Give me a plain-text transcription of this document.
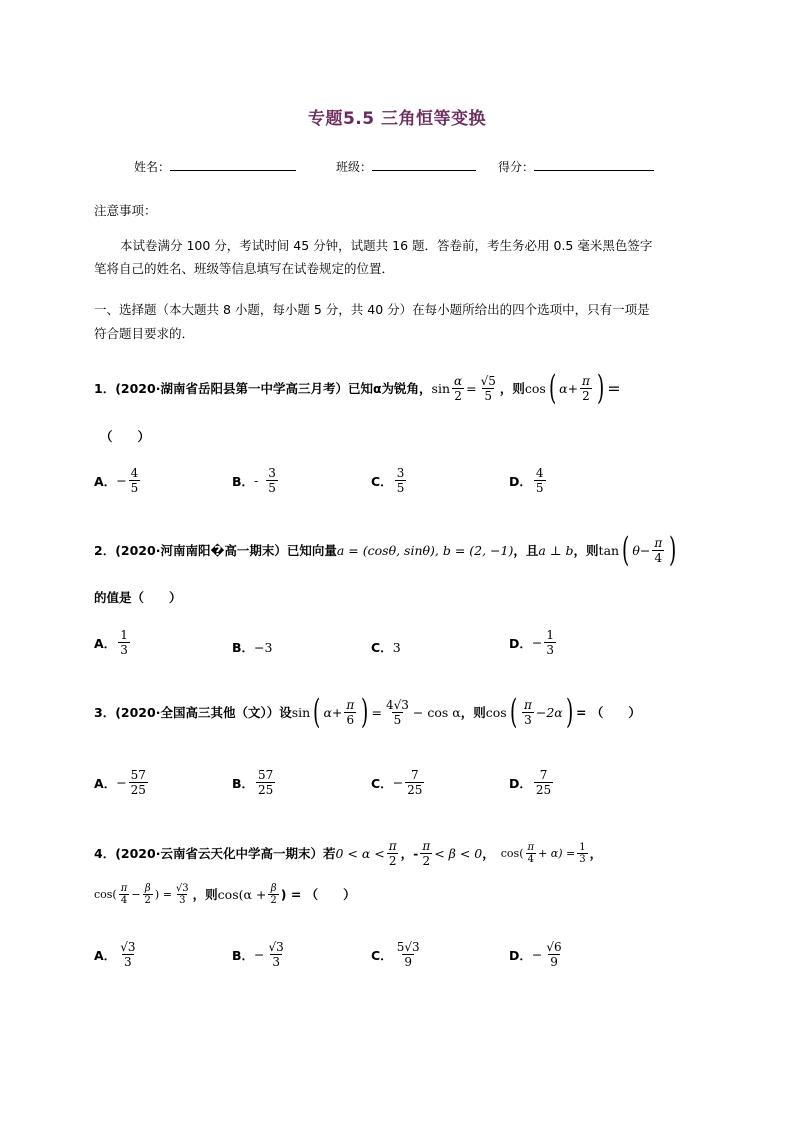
专题5.5 三角恒等变换
姓名：	班级：	得分：
注意事项：
本试卷满分 100 分，考试时间 45 分钟，试题共 16 题．答卷前，考生务必用 0.5 毫米黑色签字
笔将自己的姓名、班级等信息填写在试卷规定的位置．
一、选择题（本大题共 8 小题，每小题 5 分，共 40 分）在每小题所给出的四个选项中，只有一项是
符合题目要求的．
1．(2020·湖南省岳阳县第一中学高三月考）已知α为锐角， $\sin \frac{\alpha}{2} = \frac{√5}{5}$ ，则 cos ( $\alpha+ \frac{\pi}{2}$ ) =
（　　）
A． − $\frac{4}{5}$	B． - $\frac{3}{5}$	C． $\frac{3}{5}$	D． $\frac{4}{5}$
2．(2020·河南南阳�高一期末）已知向量 a = (cosθ, sinθ), b = (2, −1) ，且 a ⊥ b ，则 tan ( $\theta- \frac{\pi}{4}$ )
的值是（　　）
A． $\frac{1}{3}$	B．−3	C．3	D． − $\frac{1}{3}$
3．(2020·全国高三其他（文））设 sin ( $\alpha+ \frac{\pi}{6}$ ) = $\frac{4√3}{5} - \cos \alpha$ ，则 cos ( $\frac{\pi}{3} -2\alpha$ ) = （　　）
A． − $\frac{57}{25}$	B． $\frac{57}{25}$	C． − $\frac{7}{25}$	D． $\frac{7}{25}$
4．(2020·云南省云天化中学高一期末）若 $0 < \alpha < \frac{\pi}{2}$ ，- $\frac{\pi}{2} < \beta < 0$ ， $\cos( \frac{\pi}{4} + \alpha) = \frac{1}{3}$ ，
$\cos( \frac{\pi}{4} - \frac{\beta}{2}$ ) = $\frac{√3}{3}$ ，则 $\cos(\alpha + \frac{\beta}{2}$ ) = （　　）
A． $\frac{√3}{3}$	B． − $\frac{√3}{3}$	C． $\frac{5√3}{9}$	D． − $\frac{√6}{9}$
